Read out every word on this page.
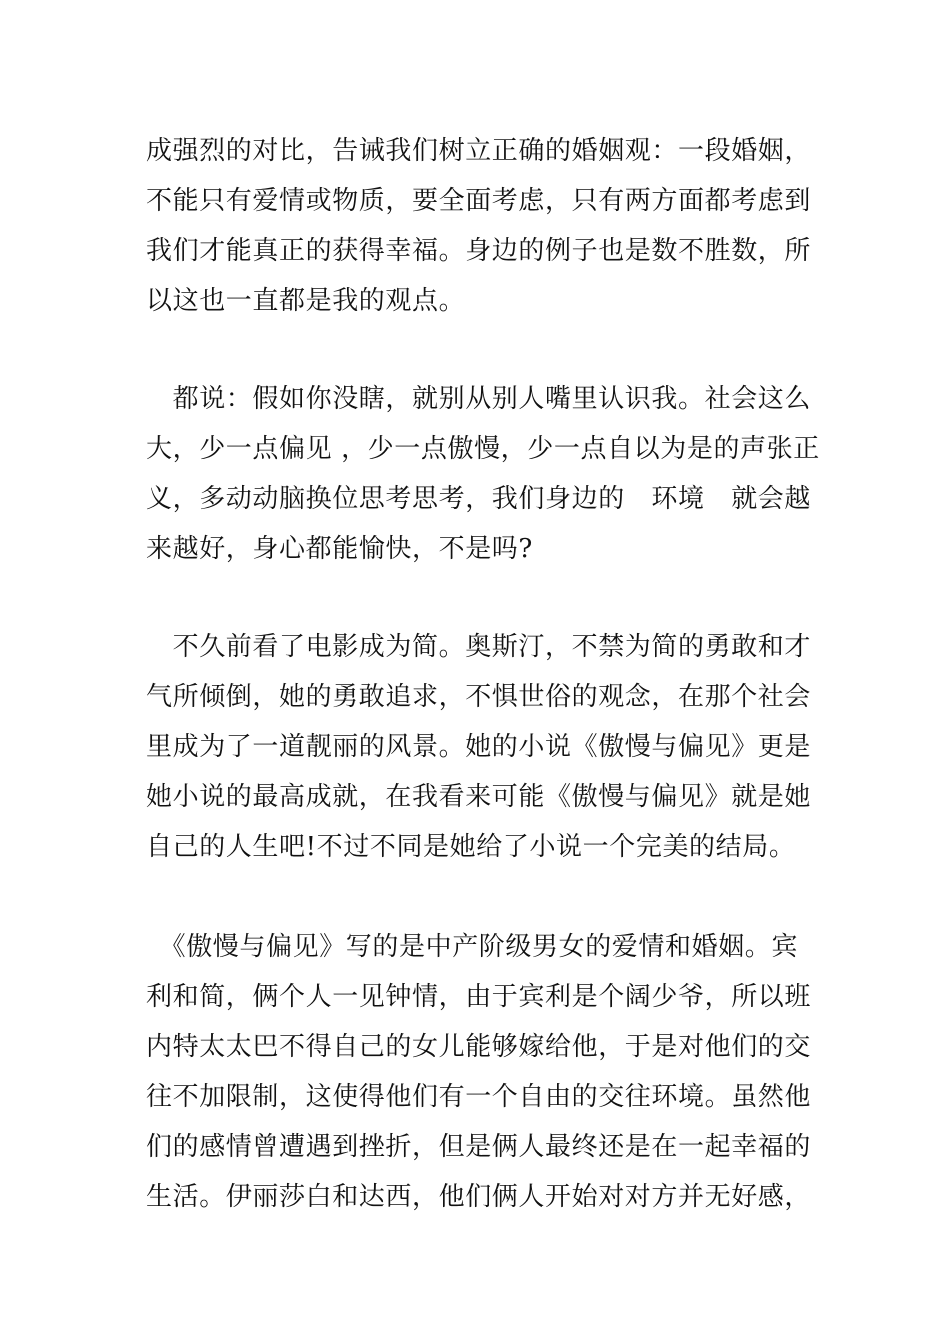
成强烈的对比，告诫我们树立正确的婚姻观：一段婚姻，

不能只有爱情或物质，要全面考虑，只有两方面都考虑到

我们才能真正的获得幸福。身边的例子也是数不胜数，所

以这也一直都是我的观点。

　都说：假如你没瞎，就别从别人嘴里认识我。社会这么

大，少一点偏见 ，少一点傲慢，少一点自以为是的声张正

义，多动动脑换位思考思考，我们身边的　环境　就会越

来越好，身心都能愉快，不是吗?

　不久前看了电影成为简。奥斯汀，不禁为简的勇敢和才

气所倾倒，她的勇敢追求，不惧世俗的观念，在那个社会

里成为了一道靓丽的风景。她的小说《傲慢与偏见》更是

她小说的最高成就，在我看来可能《傲慢与偏见》就是她

自己的人生吧!不过不同是她给了小说一个完美的结局。

　《傲慢与偏见》写的是中产阶级男女的爱情和婚姻。宾

利和简，俩个人一见钟情，由于宾利是个阔少爷，所以班

内特太太巴不得自己的女儿能够嫁给他，于是对他们的交

往不加限制，这使得他们有一个自由的交往环境。虽然他

们的感情曾遭遇到挫折，但是俩人最终还是在一起幸福的

生活。伊丽莎白和达西，他们俩人开始对对方并无好感，
